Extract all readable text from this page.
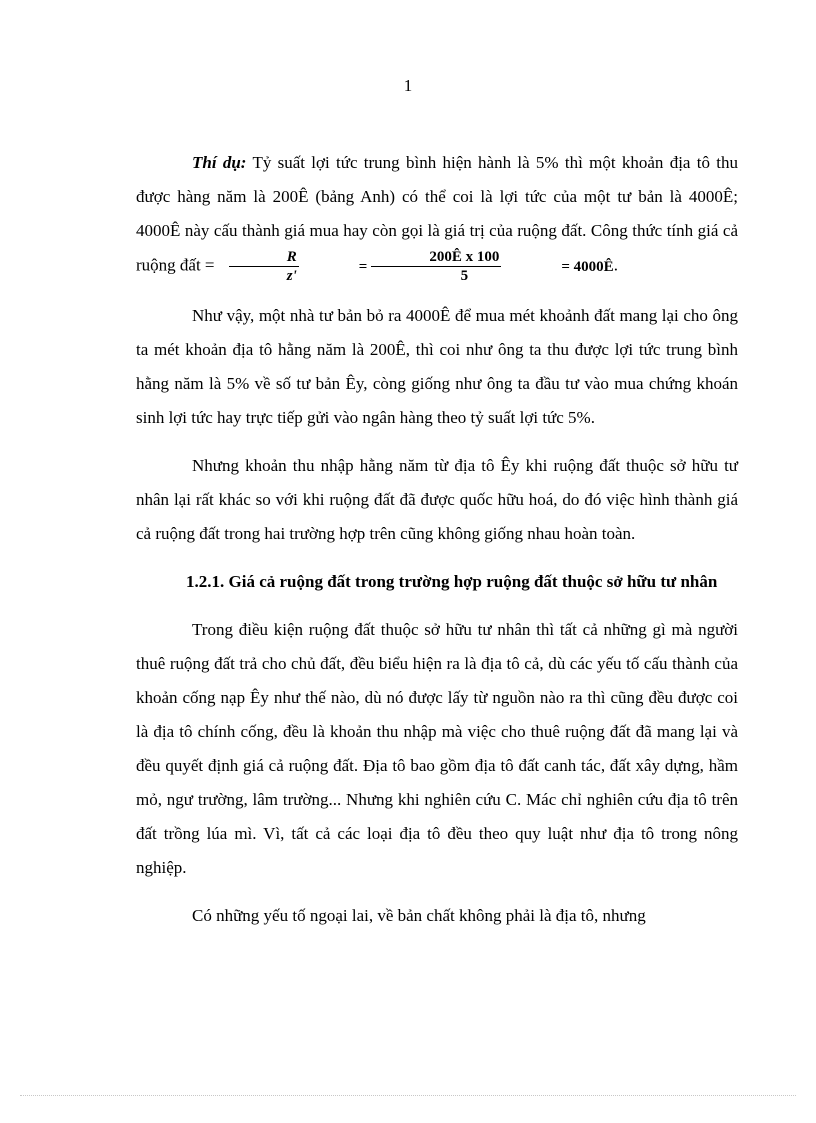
1

Thí dụ: Tỷ suất lợi tức trung bình hiện hành là 5% thì một khoản địa tô thu được hàng năm là 200Ê (bảng Anh) có thể coi là lợi tức của một tư bản là 4000Ê; 4000Ê này cấu thành giá mua hay còn gọi là giá trị của ruộng đất. Công thức tính giá cả ruộng đất = $\frac{R}{z'}$	= $\frac{\text{200Ê x 100}}{5}$	= 4000Ê .

Như vậy, một nhà tư bản bỏ ra 4000Ê để mua mét khoảnh đất mang lại cho ông ta mét khoản địa tô hằng năm là 200Ê, thì coi như ông ta thu được lợi tức trung bình hằng năm là 5% về số tư bản Êy, còng giống như ông ta đầu tư vào mua chứng khoán sinh lợi tức hay trực tiếp gửi vào ngân hàng theo tỷ suất lợi tức 5%.

Nhưng khoản thu nhập hằng năm từ địa tô Êy khi ruộng đất thuộc sở hữu tư nhân lại rất khác so với khi ruộng đất đã được quốc hữu hoá, do đó việc hình thành giá cả ruộng đất trong hai trường hợp trên cũng không giống nhau hoàn toàn.

1.2.1. Giá cả ruộng đất trong trường hợp ruộng đất thuộc sở hữu tư nhân

Trong điều kiện ruộng đất thuộc sở hữu tư nhân thì tất cả những gì mà người thuê ruộng đất trả cho chủ đất, đều biểu hiện ra là địa tô cả, dù các yếu tố cấu thành của khoản cống nạp Êy như thế nào, dù nó được lấy từ nguồn nào ra thì cũng đều được coi là địa tô chính cống, đều là khoản thu nhập mà việc cho thuê ruộng đất đã mang lại và đều quyết định giá cả ruộng đất. Địa tô bao gồm địa tô đất canh tác, đất xây dựng, hầm mỏ, ngư trường, lâm trường... Nhưng khi nghiên cứu C. Mác chỉ nghiên cứu địa tô trên đất trồng lúa mì. Vì, tất cả các loại địa tô đều theo quy luật như địa tô trong nông nghiệp.

Có những yếu tố ngoại lai, về bản chất không phải là địa tô, nhưng
